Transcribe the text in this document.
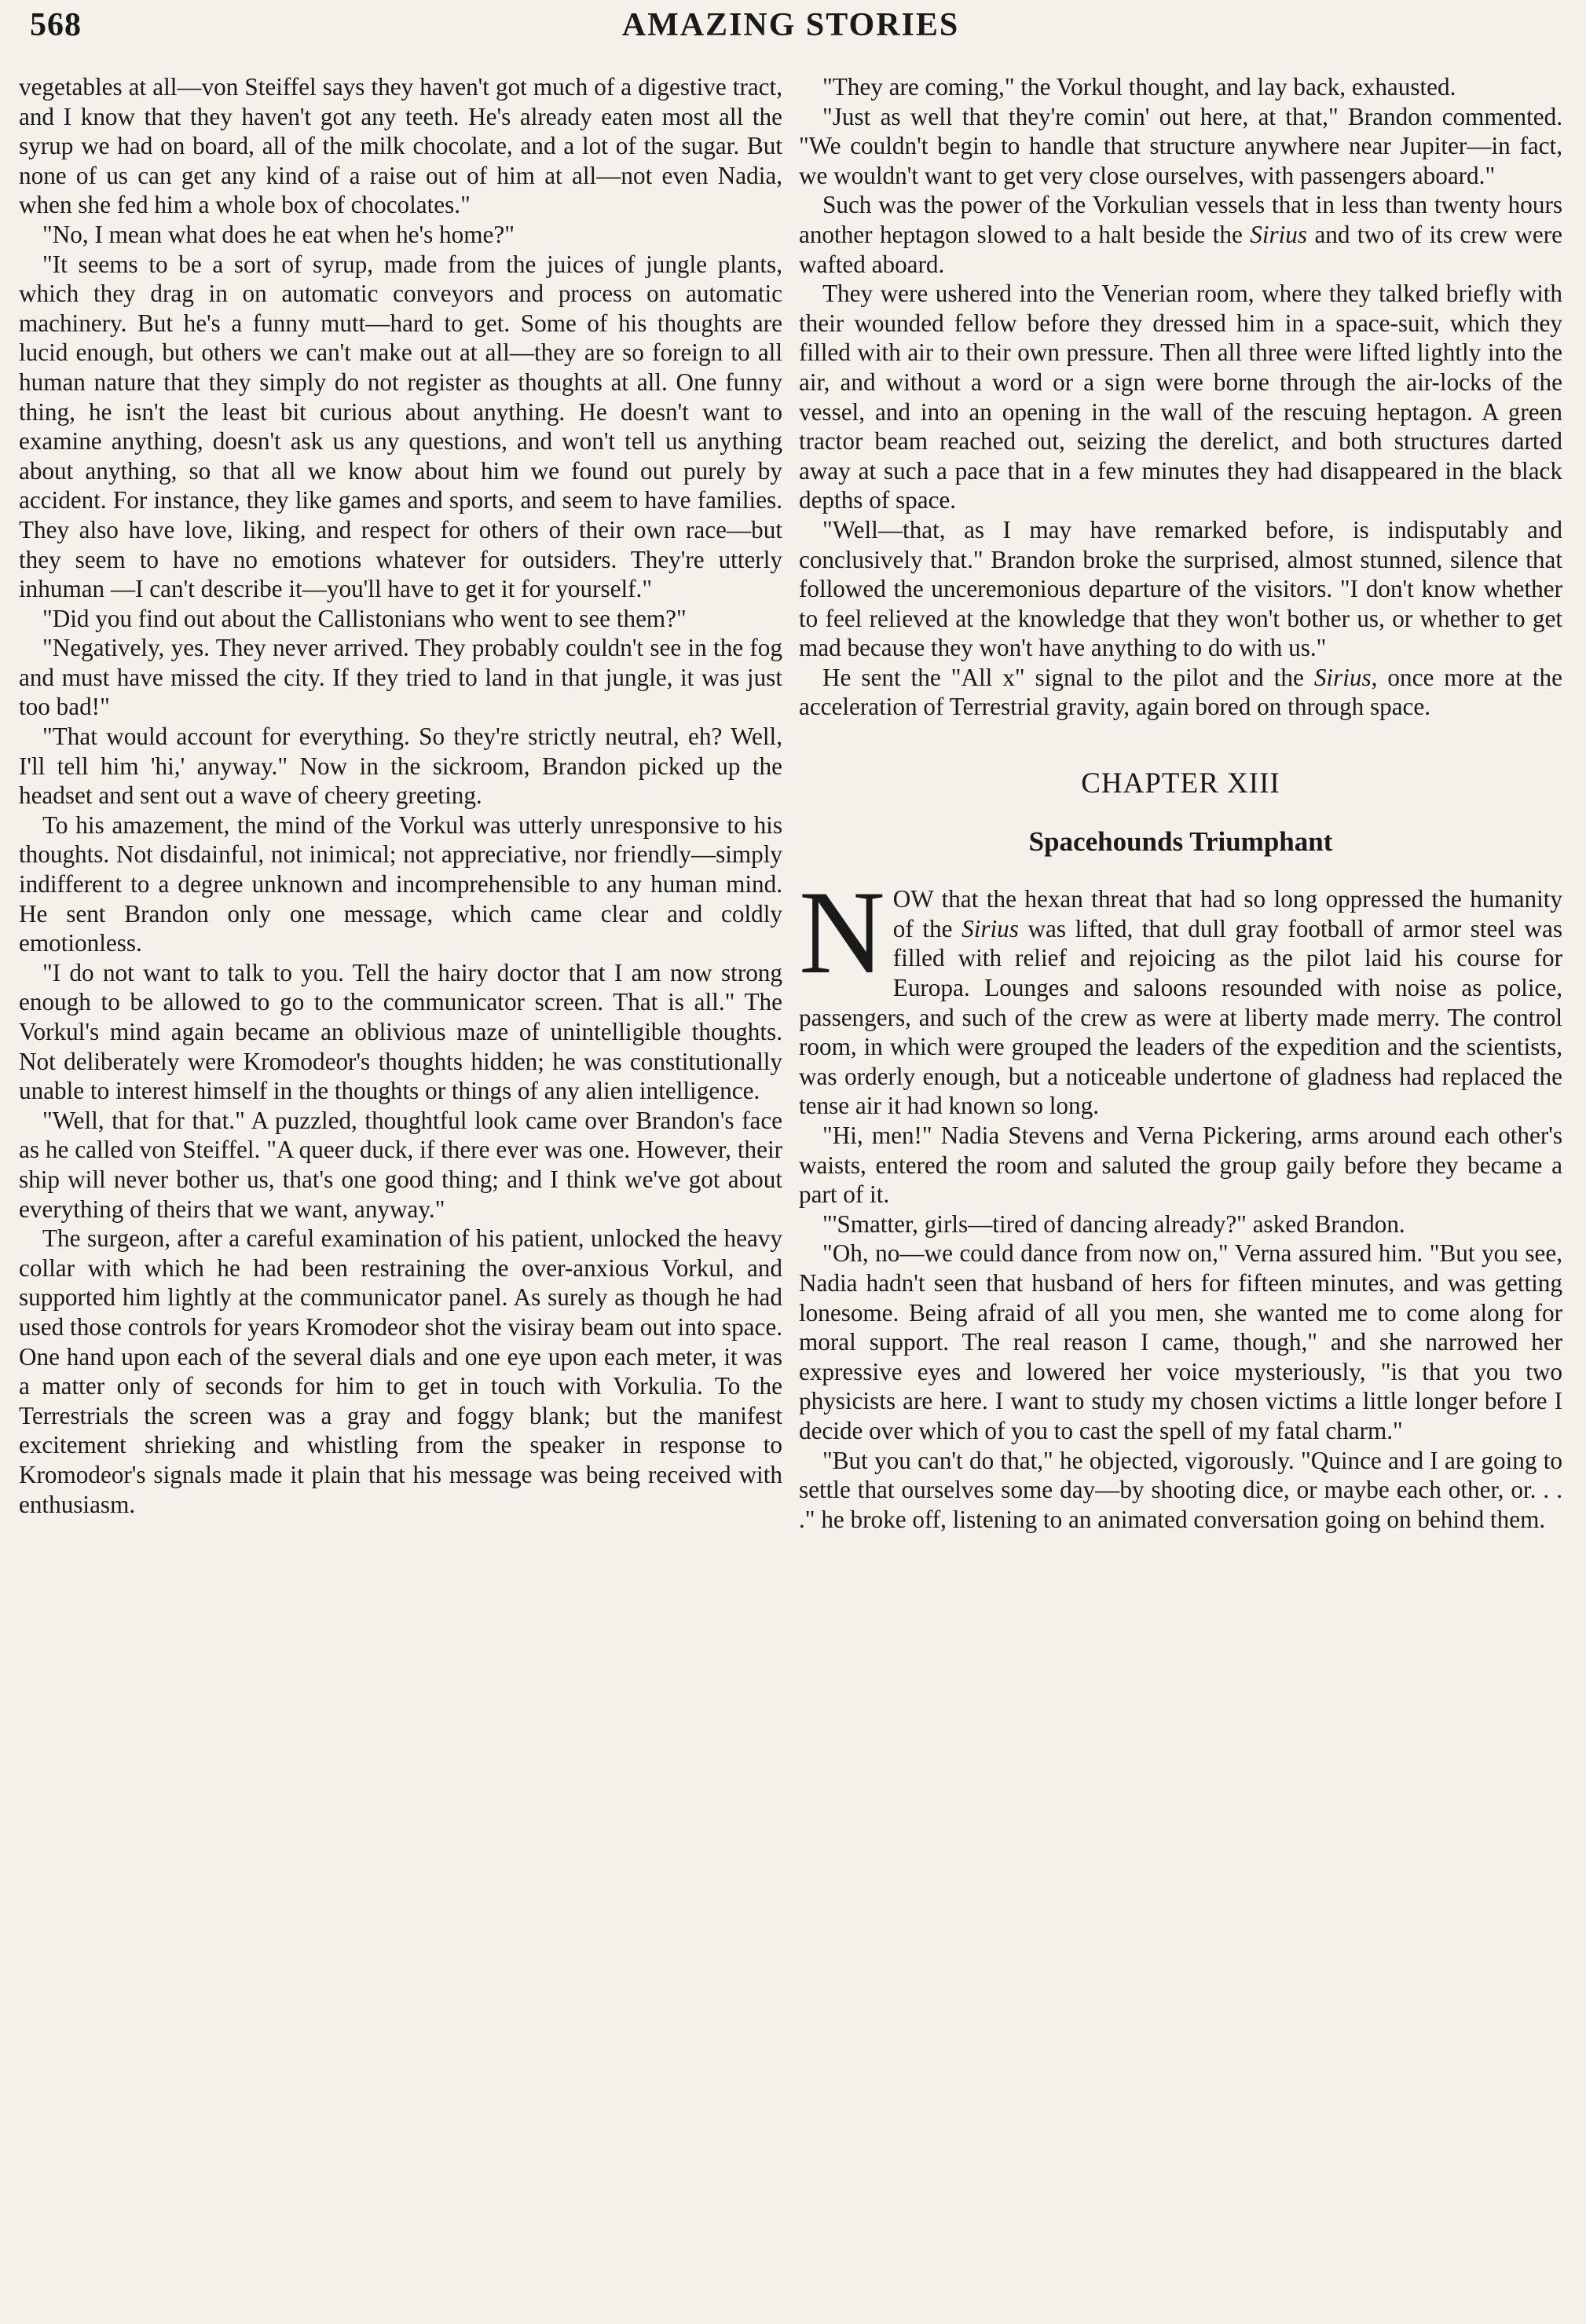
568	AMAZING STORIES

vegetables at all—von Steiffel says they haven't got much of a digestive tract, and I know that they haven't got any teeth. He's already eaten most all the syrup we had on board, all of the milk chocolate, and a lot of the sugar. But none of us can get any kind of a raise out of him at all—not even Nadia, when she fed him a whole box of chocolates."

"No, I mean what does he eat when he's home?"

"It seems to be a sort of syrup, made from the juices of jungle plants, which they drag in on automatic conveyors and process on automatic machinery. But he's a funny mutt—hard to get. Some of his thoughts are lucid enough, but others we can't make out at all—they are so foreign to all human nature that they simply do not register as thoughts at all. One funny thing, he isn't the least bit curious about anything. He doesn't want to examine anything, doesn't ask us any questions, and won't tell us anything about anything, so that all we know about him we found out purely by accident. For instance, they like games and sports, and seem to have families. They also have love, liking, and respect for others of their own race—but they seem to have no emotions whatever for outsiders. They're utterly inhuman —I can't describe it—you'll have to get it for yourself."

"Did you find out about the Callistonians who went to see them?"

"Negatively, yes. They never arrived. They probably couldn't see in the fog and must have missed the city. If they tried to land in that jungle, it was just too bad!"

"That would account for everything. So they're strictly neutral, eh? Well, I'll tell him 'hi,' anyway." Now in the sickroom, Brandon picked up the headset and sent out a wave of cheery greeting.

To his amazement, the mind of the Vorkul was utterly unresponsive to his thoughts. Not disdainful, not inimical; not appreciative, nor friendly—simply indifferent to a degree unknown and incomprehensible to any human mind. He sent Brandon only one message, which came clear and coldly emotionless.

"I do not want to talk to you. Tell the hairy doctor that I am now strong enough to be allowed to go to the communicator screen. That is all." The Vorkul's mind again became an oblivious maze of unintelligible thoughts. Not deliberately were Kromodeor's thoughts hidden; he was constitutionally unable to interest himself in the thoughts or things of any alien intelligence.

"Well, that for that." A puzzled, thoughtful look came over Brandon's face as he called von Steiffel. "A queer duck, if there ever was one. However, their ship will never bother us, that's one good thing; and I think we've got about everything of theirs that we want, anyway."

The surgeon, after a careful examination of his patient, unlocked the heavy collar with which he had been restraining the over-anxious Vorkul, and supported him lightly at the communicator panel. As surely as though he had used those controls for years Kromodeor shot the visiray beam out into space. One hand upon each of the several dials and one eye upon each meter, it was a matter only of seconds for him to get in touch with Vorkulia. To the Terrestrials the screen was a gray and foggy blank; but the manifest excitement shrieking and whistling from the speaker in response to Kromodeor's signals made it plain that his message was being received with enthusiasm.

"They are coming," the Vorkul thought, and lay back, exhausted.

"Just as well that they're comin' out here, at that," Brandon commented. "We couldn't begin to handle that structure anywhere near Jupiter—in fact, we wouldn't want to get very close ourselves, with passengers aboard."

Such was the power of the Vorkulian vessels that in less than twenty hours another heptagon slowed to a halt beside the Sirius and two of its crew were wafted aboard.

They were ushered into the Venerian room, where they talked briefly with their wounded fellow before they dressed him in a space-suit, which they filled with air to their own pressure. Then all three were lifted lightly into the air, and without a word or a sign were borne through the air-locks of the vessel, and into an opening in the wall of the rescuing heptagon. A green tractor beam reached out, seizing the derelict, and both structures darted away at such a pace that in a few minutes they had disappeared in the black depths of space.

"Well—that, as I may have remarked before, is indisputably and conclusively that." Brandon broke the surprised, almost stunned, silence that followed the unceremonious departure of the visitors. "I don't know whether to feel relieved at the knowledge that they won't bother us, or whether to get mad because they won't have anything to do with us."

He sent the "All x" signal to the pilot and the Sirius, once more at the acceleration of Terrestrial gravity, again bored on through space.

CHAPTER XIII
Spacehounds Triumphant

NOW that the hexan threat that had so long oppressed the humanity of the Sirius was lifted, that dull gray football of armor steel was filled with relief and rejoicing as the pilot laid his course for Europa. Lounges and saloons resounded with noise as police, passengers, and such of the crew as were at liberty made merry. The control room, in which were grouped the leaders of the expedition and the scientists, was orderly enough, but a noticeable undertone of gladness had replaced the tense air it had known so long.

"Hi, men!" Nadia Stevens and Verna Pickering, arms around each other's waists, entered the room and saluted the group gaily before they became a part of it.

"'Smatter, girls—tired of dancing already?" asked Brandon.

"Oh, no—we could dance from now on," Verna assured him. "But you see, Nadia hadn't seen that husband of hers for fifteen minutes, and was getting lonesome. Being afraid of all you men, she wanted me to come along for moral support. The real reason I came, though," and she narrowed her expressive eyes and lowered her voice mysteriously, "is that you two physicists are here. I want to study my chosen victims a little longer before I decide over which of you to cast the spell of my fatal charm."

"But you can't do that," he objected, vigorously. "Quince and I are going to settle that ourselves some day—by shooting dice, or maybe each other, or. . . ." he broke off, listening to an animated conversation going on behind them.
